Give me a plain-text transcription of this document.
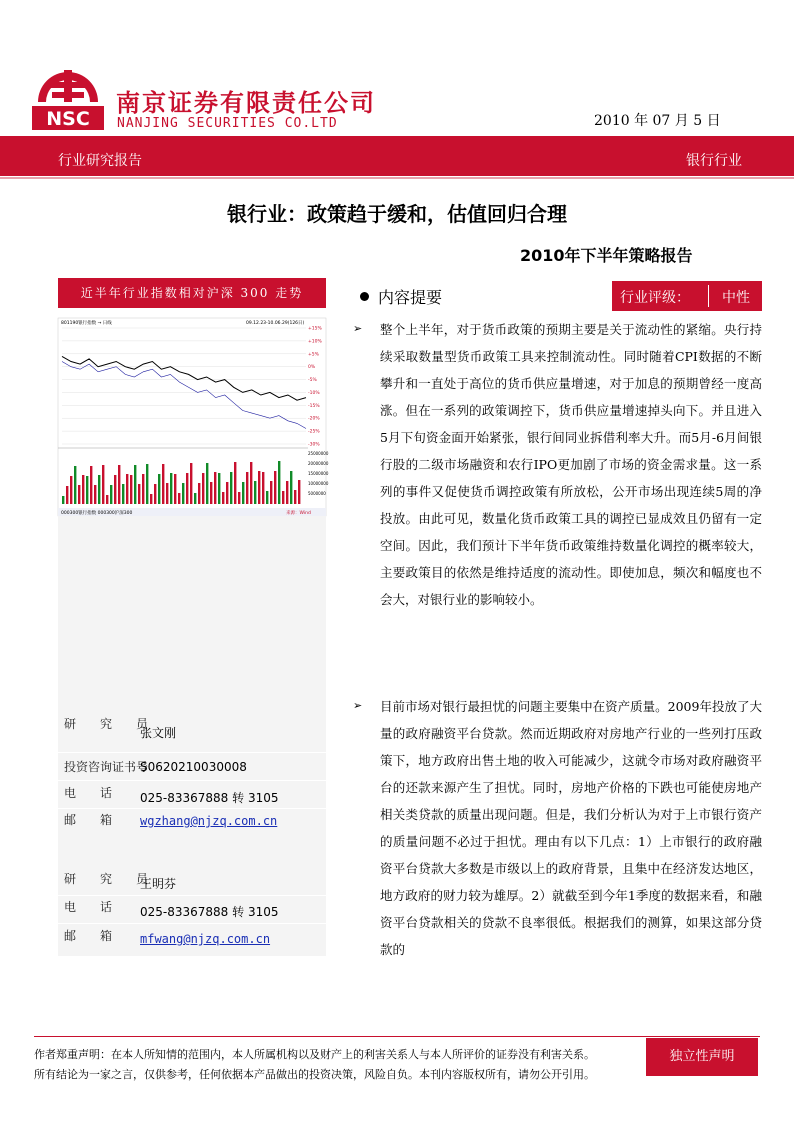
NSC
南京证券有限责任公司
NANJING SECURITIES CO.LTD	2010 年 07 月 5 日
行业研究报告	银行行业
银行业：政策趋于缓和，估值回归合理
2010年下半年策略报告
近半年行业指数相对沪深 300 走势
801190银行指数 → 日线	09.12.23-10.06.29(126日)
+15%
+10%
+5%
0%
-5%
-10%
-15%
-20%
-25%
-30%
25000000
20000000
15000000
10000000
5000000
000300银行指数 000300沪深300	来源：Wind
研　　究　　员
张文刚
投资咨询证书号
S0620210030008
电　　话 025-83367888 转 3105
邮　　箱 wgzhang@njzq.com.cn
研　　究　　员
王明芬
电　　话 025-83367888 转 3105
邮　　箱 mfwang@njzq.com.cn
内容提要	行业评级： 中性
➢ 整个上半年，对于货币政策的预期主要是关于流动性的紧缩。央行持续采取数量型货币政策工具来控制流动性。同时随着CPI数据的不断攀升和一直处于高位的货币供应量增速，对于加息的预期曾经一度高涨。但在一系列的政策调控下，货币供应量增速掉头向下。并且进入5月下旬资金面开始紧张，银行间同业拆借利率大升。而5月-6月间银行股的二级市场融资和农行IPO更加剧了市场的资金需求量。这一系列的事件又促使货币调控政策有所放松，公开市场出现连续5周的净投放。由此可见，数量化货币政策工具的调控已显成效且仍留有一定空间。因此，我们预计下半年货币政策维持数量化调控的概率较大，主要政策目的依然是维持适度的流动性。即使加息，频次和幅度也不会大，对银行业的影响较小。
➢ 目前市场对银行最担忧的问题主要集中在资产质量。2009年投放了大量的政府融资平台贷款。然而近期政府对房地产行业的一些列打压政策下，地方政府出售土地的收入可能减少，这就令市场对政府融资平台的还款来源产生了担忧。同时，房地产价格的下跌也可能使房地产相关类贷款的质量出现问题。但是，我们分析认为对于上市银行资产的质量问题不必过于担忧。理由有以下几点：1）上市银行的政府融资平台贷款大多数是市级以上的政府背景，且集中在经济发达地区，地方政府的财力较为雄厚。2）就截至到今年1季度的数据来看，和融资平台贷款相关的贷款不良率很低。根据我们的测算，如果这部分贷款的
作者郑重声明：在本人所知情的范围内，本人所属机构以及财产上的利害关系人与本人所评价的证券没有利害关系。
所有结论为一家之言，仅供参考，任何依据本产品做出的投资决策，风险自负。本刊内容版权所有，请勿公开引用。
独立性声明
